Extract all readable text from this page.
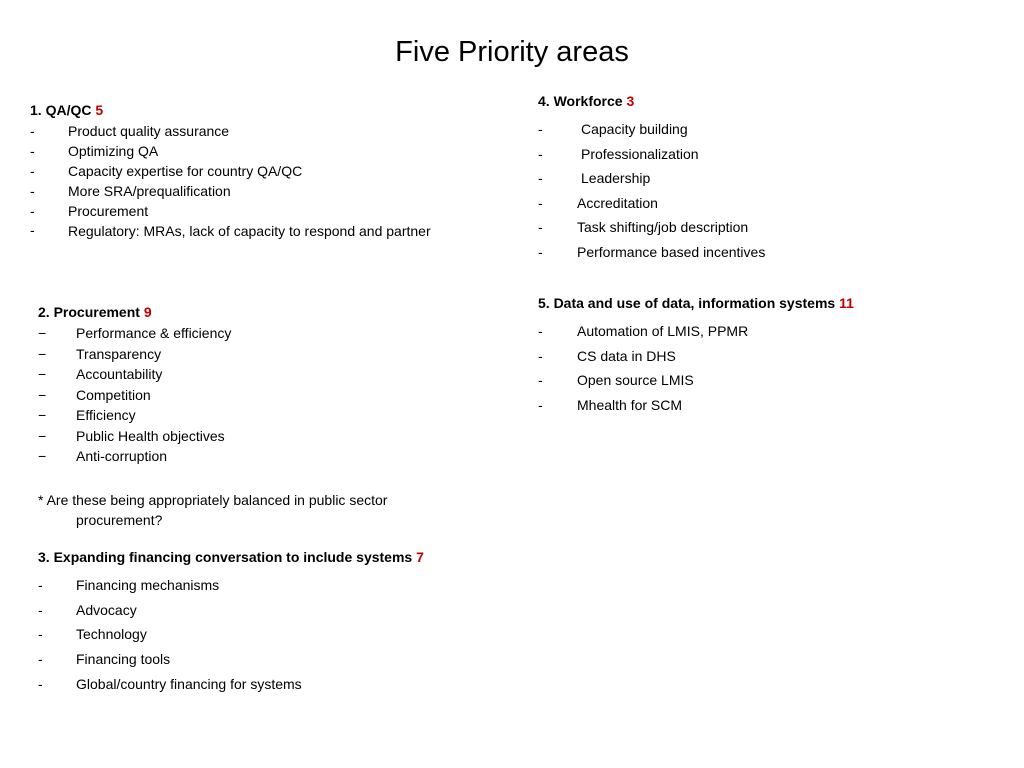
Five Priority areas
1. QA/QC 5
- Product quality assurance
- Optimizing QA
- Capacity expertise for country QA/QC
- More SRA/prequalification
- Procurement
- Regulatory: MRAs, lack of capacity to respond and partner
2. Procurement 9
− Performance & efficiency
− Transparency
− Accountability
− Competition
− Efficiency
− Public Health objectives
− Anti-corruption
* Are these being appropriately balanced in public sector procurement?
3. Expanding financing conversation to include systems 7
- Financing mechanisms
- Advocacy
- Technology
- Financing tools
- Global/country financing for systems
4. Workforce 3
-	Capacity building
-	Professionalization
-	Leadership
- Accreditation
- Task shifting/job description
- Performance based incentives
5. Data and use of data, information systems 11
- Automation of LMIS, PPMR
- CS data in DHS
- Open source LMIS
- Mhealth for SCM
